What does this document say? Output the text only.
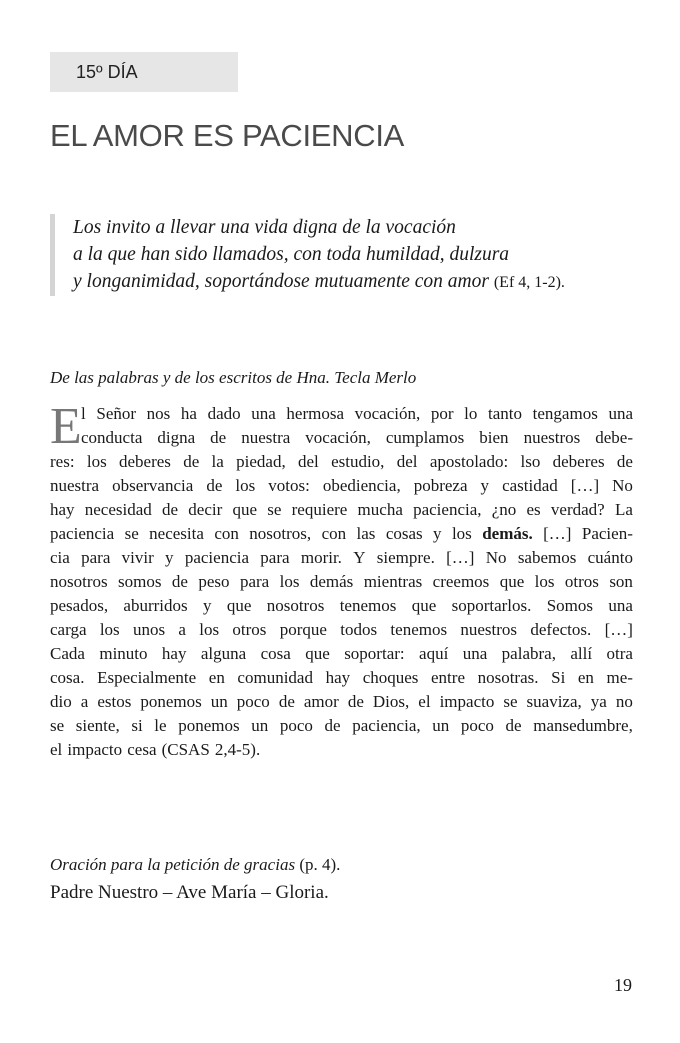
15º DÍA
EL AMOR ES PACIENCIA
Los invito a llevar una vida digna de la vocación
a la que han sido llamados, con toda humildad, dulzura
y longanimidad, soportándose mutuamente con amor (Ef 4, 1-2).
De las palabras y de los escritos de Hna. Tecla Merlo
E l Señor nos ha dado una hermosa vocación, por lo tanto tengamos una
conducta digna de nuestra vocación, cumplamos bien nuestros debe-
res: los deberes de la piedad, del estudio, del apostolado: lso deberes de
nuestra observancia de los votos: obediencia, pobreza y castidad […] No
hay necesidad de decir que se requiere mucha paciencia, ¿no es verdad? La
paciencia se necesita con nosotros, con las cosas y los demás. […] Pacien-
cia para vivir y paciencia para morir. Y siempre. […] No sabemos cuánto
nosotros somos de peso para los demás mientras creemos que los otros son
pesados, aburridos y que nosotros tenemos que soportarlos. Somos una
carga los unos a los otros porque todos tenemos nuestros defectos. […]
Cada minuto hay alguna cosa que soportar: aquí una palabra, allí otra
cosa. Especialmente en comunidad hay choques entre nosotras. Si en me-
dio a estos ponemos un poco de amor de Dios, el impacto se suaviza, ya no
se siente, si le ponemos un poco de paciencia, un poco de mansedumbre,
el impacto cesa (CSAS 2,4-5).
Oración para la petición de gracias (p. 4).
Padre Nuestro – Ave María – Gloria.
19
